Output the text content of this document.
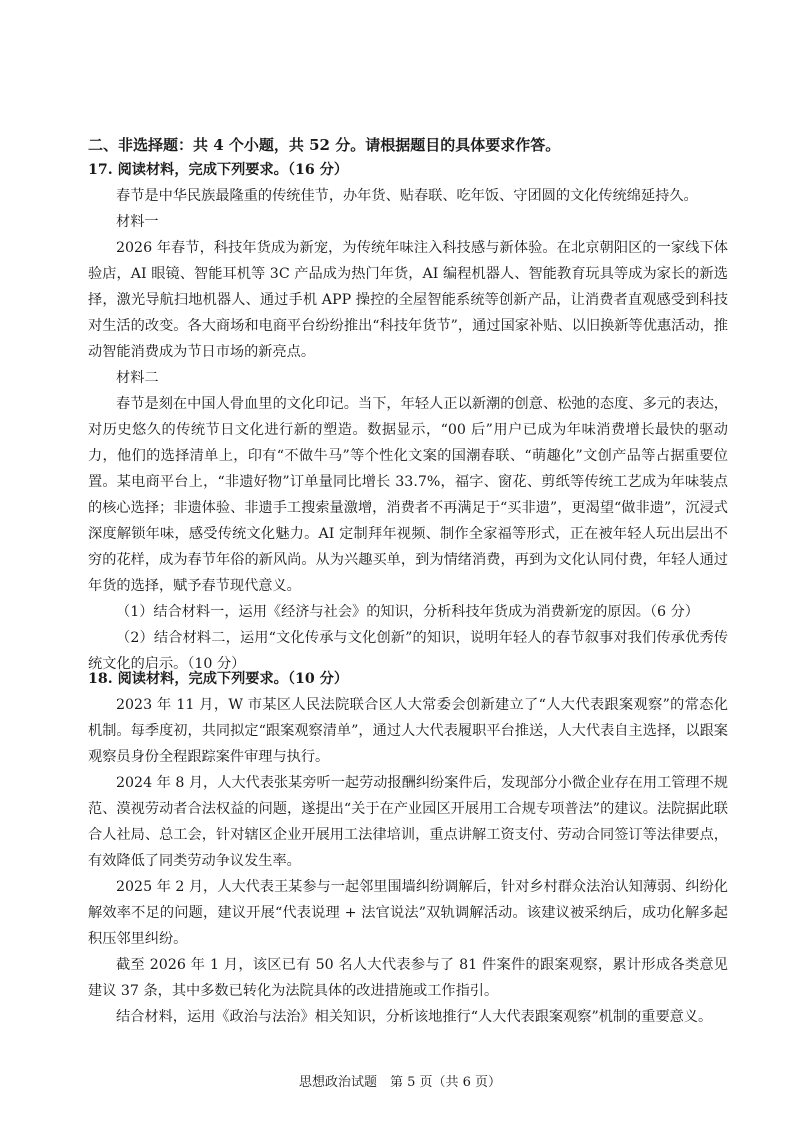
二、非选择题：共 4 个小题，共 52 分。请根据题目的具体要求作答。
17. 阅读材料，完成下列要求。（16 分）
春节是中华民族最隆重的传统佳节，办年货、贴春联、吃年饭、守团圆的文化传统绵延持久。
材料一
2026 年春节，科技年货成为新宠，为传统年味注入科技感与新体验。在北京朝阳区的一家线下体验店，AI 眼镜、智能耳机等 3C 产品成为热门年货，AI 编程机器人、智能教育玩具等成为家长的新选择，激光导航扫地机器人、通过手机 APP 操控的全屋智能系统等创新产品，让消费者直观感受到科技对生活的改变。各大商场和电商平台纷纷推出“科技年货节”，通过国家补贴、以旧换新等优惠活动，推动智能消费成为节日市场的新亮点。
材料二
春节是刻在中国人骨血里的文化印记。当下，年轻人正以新潮的创意、松弛的态度、多元的表达，对历史悠久的传统节日文化进行新的塑造。数据显示，“00 后”用户已成为年味消费增长最快的驱动力，他们的选择清单上，印有“不做牛马”等个性化文案的国潮春联、“萌趣化”文创产品等占据重要位置。某电商平台上，“非遗好物”订单量同比增长 33.7%，福字、窗花、剪纸等传统工艺成为年味装点的核心选择；非遗体验、非遗手工搜索量激增，消费者不再满足于“买非遗”，更渴望“做非遗”，沉浸式深度解锁年味，感受传统文化魅力。AI 定制拜年视频、制作全家福等形式，正在被年轻人玩出层出不穷的花样，成为春节年俗的新风尚。从为兴趣买单，到为情绪消费，再到为文化认同付费，年轻人通过年货的选择，赋予春节现代意义。
（1）结合材料一，运用《经济与社会》的知识，分析科技年货成为消费新宠的原因。（6 分）
（2）结合材料二，运用“文化传承与文化创新”的知识，说明年轻人的春节叙事对我们传承优秀传统文化的启示。（10 分）
18. 阅读材料，完成下列要求。（10 分）
2023 年 11 月，W 市某区人民法院联合区人大常委会创新建立了“人大代表跟案观察”的常态化机制。每季度初，共同拟定“跟案观察清单”，通过人大代表履职平台推送，人大代表自主选择，以跟案观察员身份全程跟踪案件审理与执行。
2024 年 8 月，人大代表张某旁听一起劳动报酬纠纷案件后，发现部分小微企业存在用工管理不规范、漠视劳动者合法权益的问题，遂提出“关于在产业园区开展用工合规专项普法”的建议。法院据此联合人社局、总工会，针对辖区企业开展用工法律培训，重点讲解工资支付、劳动合同签订等法律要点，有效降低了同类劳动争议发生率。
2025 年 2 月，人大代表王某参与一起邻里围墙纠纷调解后，针对乡村群众法治认知薄弱、纠纷化解效率不足的问题，建议开展“代表说理 + 法官说法”双轨调解活动。该建议被采纳后，成功化解多起积压邻里纠纷。
截至 2026 年 1 月，该区已有 50 名人大代表参与了 81 件案件的跟案观察，累计形成各类意见建议 37 条，其中多数已转化为法院具体的改进措施或工作指引。
结合材料，运用《政治与法治》相关知识，分析该地推行“人大代表跟案观察”机制的重要意义。
思想政治试题　第 5 页（共 6 页）
